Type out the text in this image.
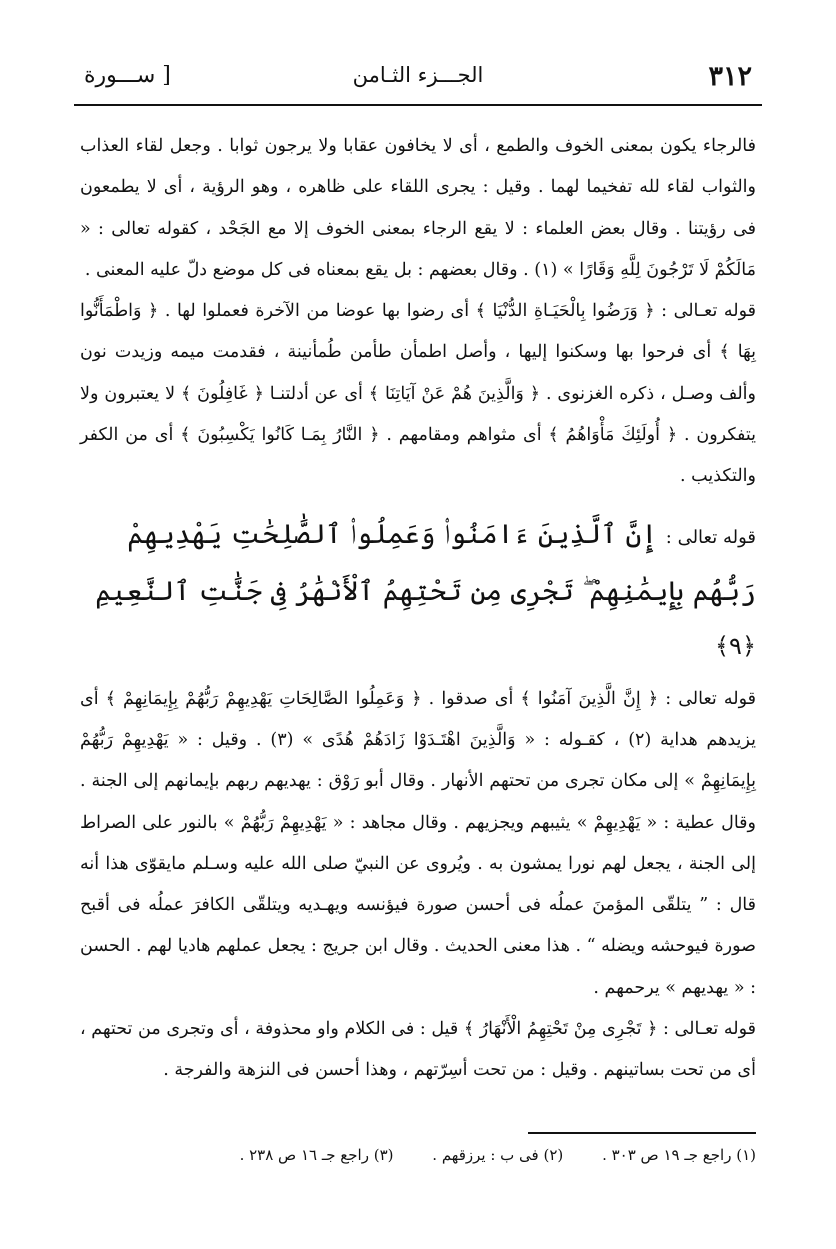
٣١٢
الجـــزء الثـامن
[ ســـورة

فالرجاء يكون بمعنى الخوف والطمع ، أى لا يخافون عقابا ولا يرجون ثوابا . وجعل لقاء العذاب والثواب لقاء لله تفخيما لهما . وقيل : يجرى اللقاء على ظاهره ، وهو الرؤية ، أى لا يطمعون فى رؤيتنا . وقال بعض العلماء : لا يقع الرجاء بمعنى الخوف إلا مع الجَحْد ، كقوله تعالى : « مَالَكُمْ لَا تَرْجُونَ لِلَّهِ وَقَارًا » (١) . وقال بعضهم : بل يقع بمعناه فى كل موضع دلّ عليه المعنى .

قوله تعـالى : ﴿ وَرَضُوا بِالْحَيَـاةِ الدُّنْيَا ﴾ أى رضوا بها عوضا من الآخرة فعملوا لها . ﴿ وَاطْمَأَنُّوا بِهَا ﴾ أى فرحوا بها وسكنوا إليها ، وأصل اطمأن طأمن طُمأنينة ، فقدمت ميمه وزيدت نون وألف وصـل ، ذكره الغزنوى . ﴿ وَالَّذِينَ هُمْ عَنْ آيَاتِنَا ﴾ أى عن أدلتنـا ﴿ غَافِلُونَ ﴾ لا يعتبرون ولا يتفكرون . ﴿ أُولَئِكَ مَأْوَاهُمُ ﴾ أى مثواهم ومقامهم . ﴿ النَّارُ بِمَـا كَانُوا يَكْسِبُونَ ﴾ أى من الكفر والتكذيب .

قوله تعالى : إِنَّ ٱلَّذِينَ ءَامَنُوا۟ وَعَمِلُوا۟ ٱلصَّٰلِحَٰتِ يَهْدِيهِمْ رَبُّهُم بِإِيمَٰنِهِمْ ۖ تَجْرِى مِن تَحْتِهِمُ ٱلْأَنْهَٰرُ فِى جَنَّٰتِ ٱلنَّعِيمِ ﴿٩﴾

قوله تعالى : ﴿ إِنَّ الَّذِينَ آمَنُوا ﴾ أى صدقوا . ﴿ وَعَمِلُوا الصَّالِحَاتِ يَهْدِيهِمْ رَبُّهُمْ بِإِيمَانِهِمْ ﴾ أى يزيدهم هداية (٢) ، كقـوله : « وَالَّذِينَ اهْتَـدَوْا زَادَهُمْ هُدًى » (٣) . وقيل : « يَهْدِيهِمْ رَبُّهُمْ بِإِيمَانِهِمْ » إلى مكان تجرى من تحتهم الأنهار . وقال أبو رَوْق : يهديهم ربهم بإيمانهم إلى الجنة . وقال عطية : « يَهْدِيهِمْ » يثيبهم ويجزيهم . وقال مجاهد : « يَهْدِيهِمْ رَبُّهُمْ » بالنور على الصراط إلى الجنة ، يجعل لهم نورا يمشون به . ويُروى عن النبيّ صلى الله عليه وسـلم مايقوّى هذا أنه قال : ” يتلقّى المؤمنَ عملُه فى أحسن صورة فيؤنسه ويهـديه ويتلقّى الكافرَ عملُه فى أقبح صورة فيوحشه ويضله “ . هذا معنى الحديث . وقال ابن جريج : يجعل عملهم هاديا لهم . الحسن : « يهديهم » يرحمهم .

قوله تعـالى : ﴿ تَجْرِى مِنْ تَحْتِهِمُ الْأَنْهَارُ ﴾ قيل : فى الكلام واو محذوفة ، أى وتجرى من تحتهم ، أى من تحت بساتينهم . وقيل : من تحت أسِرّتهم ، وهذا أحسن فى النزهة والفرجة .

(١) راجع جـ ١٩ ص ٣٠٣ . (٢) فى ب : يرزقهم . (٣) راجع جـ ١٦ ص ٢٣٨ .
